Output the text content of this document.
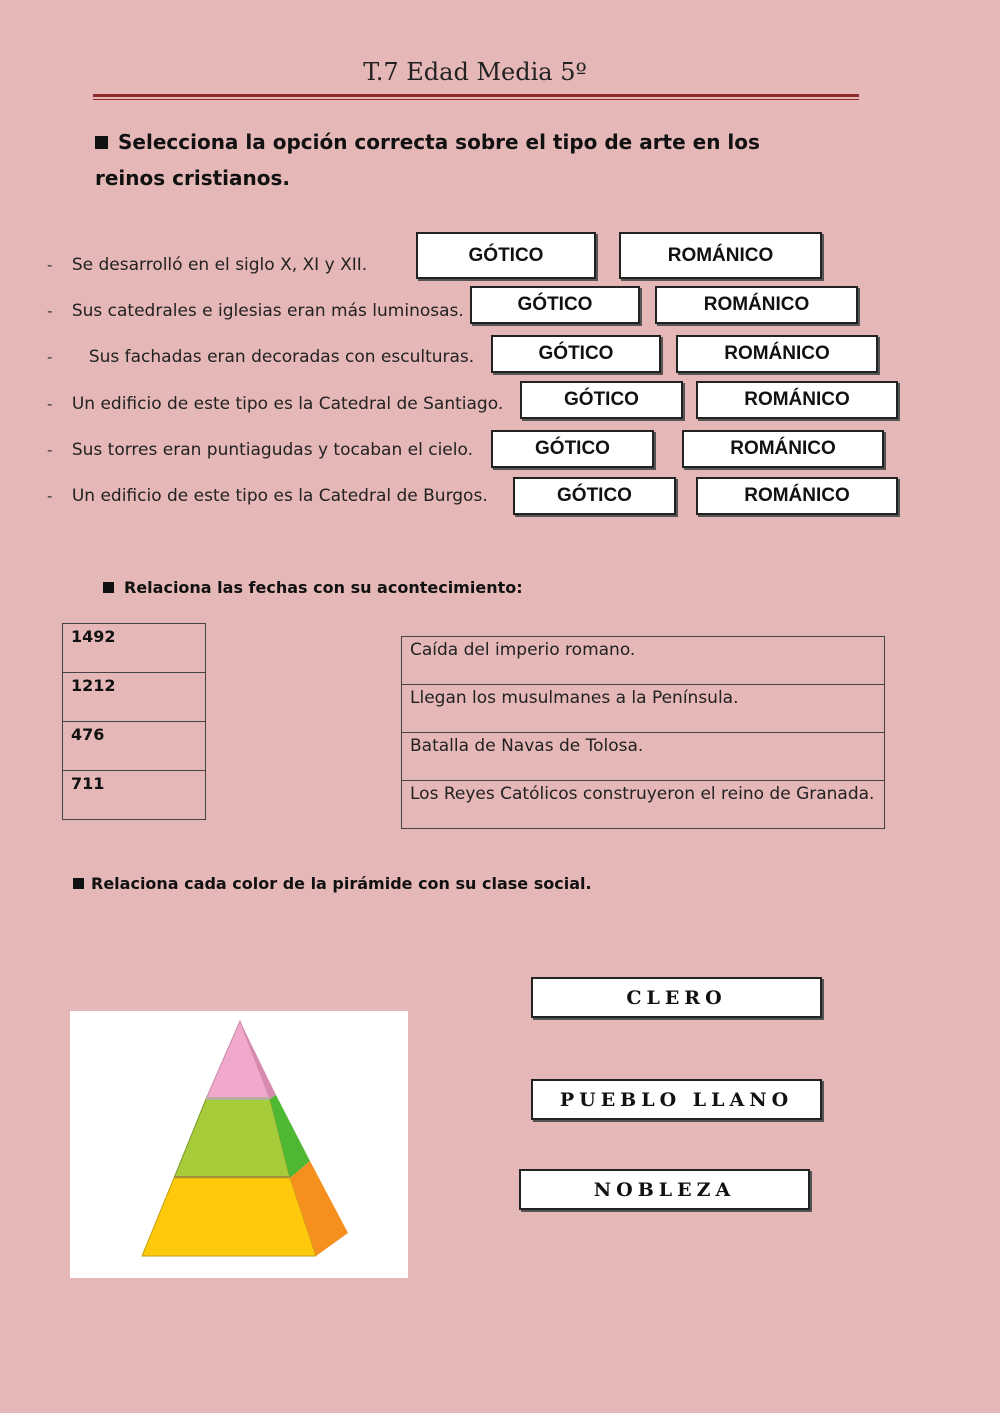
T.7 Edad Media 5º
Selecciona la opción correcta sobre el tipo de arte en los reinos cristianos.
- Se desarrolló en el siglo X, XI y XII.	GÓTICO	ROMÁNICO
- Sus catedrales e iglesias eran más luminosas.	GÓTICO	ROMÁNICO
- Sus fachadas eran decoradas con esculturas.	GÓTICO	ROMÁNICO
- Un edificio de este tipo es la Catedral de Santiago.	GÓTICO	ROMÁNICO
- Sus torres eran puntiagudas y tocaban el cielo.	GÓTICO	ROMÁNICO
- Un edificio de este tipo es la Catedral de Burgos.	GÓTICO	ROMÁNICO
Relaciona las fechas con su acontecimiento:
1492
1212
476
711
Caída del imperio romano.
Llegan los musulmanes a la Península.
Batalla de Navas de Tolosa.
Los Reyes Católicos construyeron el reino de Granada.
Relaciona cada color de la pirámide con su clase social.
CLERO
PUEBLO LLANO
NOBLEZA
